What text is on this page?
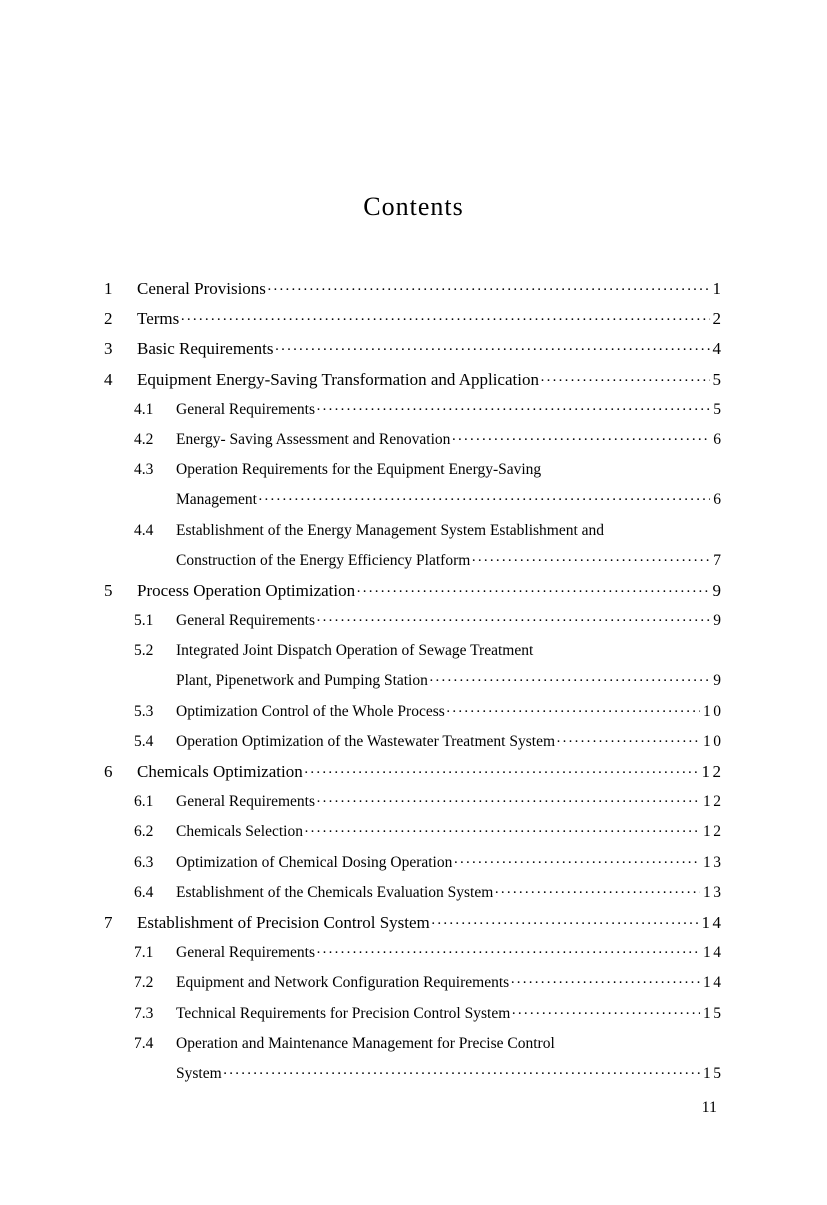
Contents
1	Ceneral Provisions ·····	1
2	Terms ·····	2
3	Basic Requirements ·····	4
4	Equipment Energy-Saving Transformation and Application ·····	5
4.1	General Requirements ·····	5
4.2	Energy- Saving Assessment and Renovation ·····	6
4.3	Operation Requirements for the Equipment Energy-Saving
Management ·····	6
4.4	Establishment of the Energy Management System Establishment and
Construction of the Energy Efficiency Platform ·····	7
5	Process Operation Optimization ·····	9
5.1	General Requirements ·····	9
5.2	Integrated Joint Dispatch Operation of Sewage Treatment
Plant, Pipenetwork and Pumping Station ·····	9
5.3	Optimization Control of the Whole Process ·····	10
5.4	Operation Optimization of the Wastewater Treatment System ·····	10
6	Chemicals Optimization ·····	12
6.1	General Requirements ·····	12
6.2	Chemicals Selection ·····	12
6.3	Optimization of Chemical Dosing Operation ·····	13
6.4	Establishment of the Chemicals Evaluation System ·····	13
7	Establishment of Precision Control System ·····	14
7.1	General Requirements ·····	14
7.2	Equipment and Network Configuration Requirements ·····	14
7.3	Technical Requirements for Precision Control System ·····	15
7.4	Operation and Maintenance Management for Precise Control
System ·····	15
11
